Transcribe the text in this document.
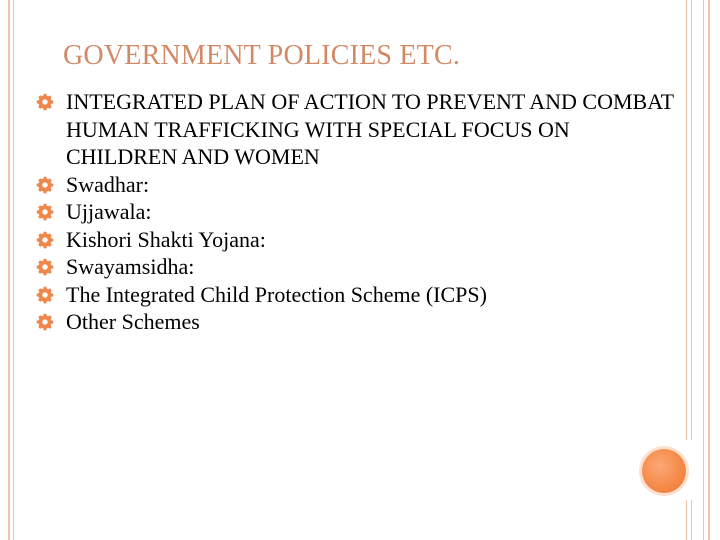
GOVERNMENT POLICIES ETC.
INTEGRATED PLAN OF ACTION TO PREVENT AND COMBAT HUMAN TRAFFICKING WITH SPECIAL FOCUS ON CHILDREN AND WOMEN
Swadhar:
Ujjawala:
Kishori Shakti Yojana:
Swayamsidha:
The Integrated Child Protection Scheme (ICPS)
Other Schemes
